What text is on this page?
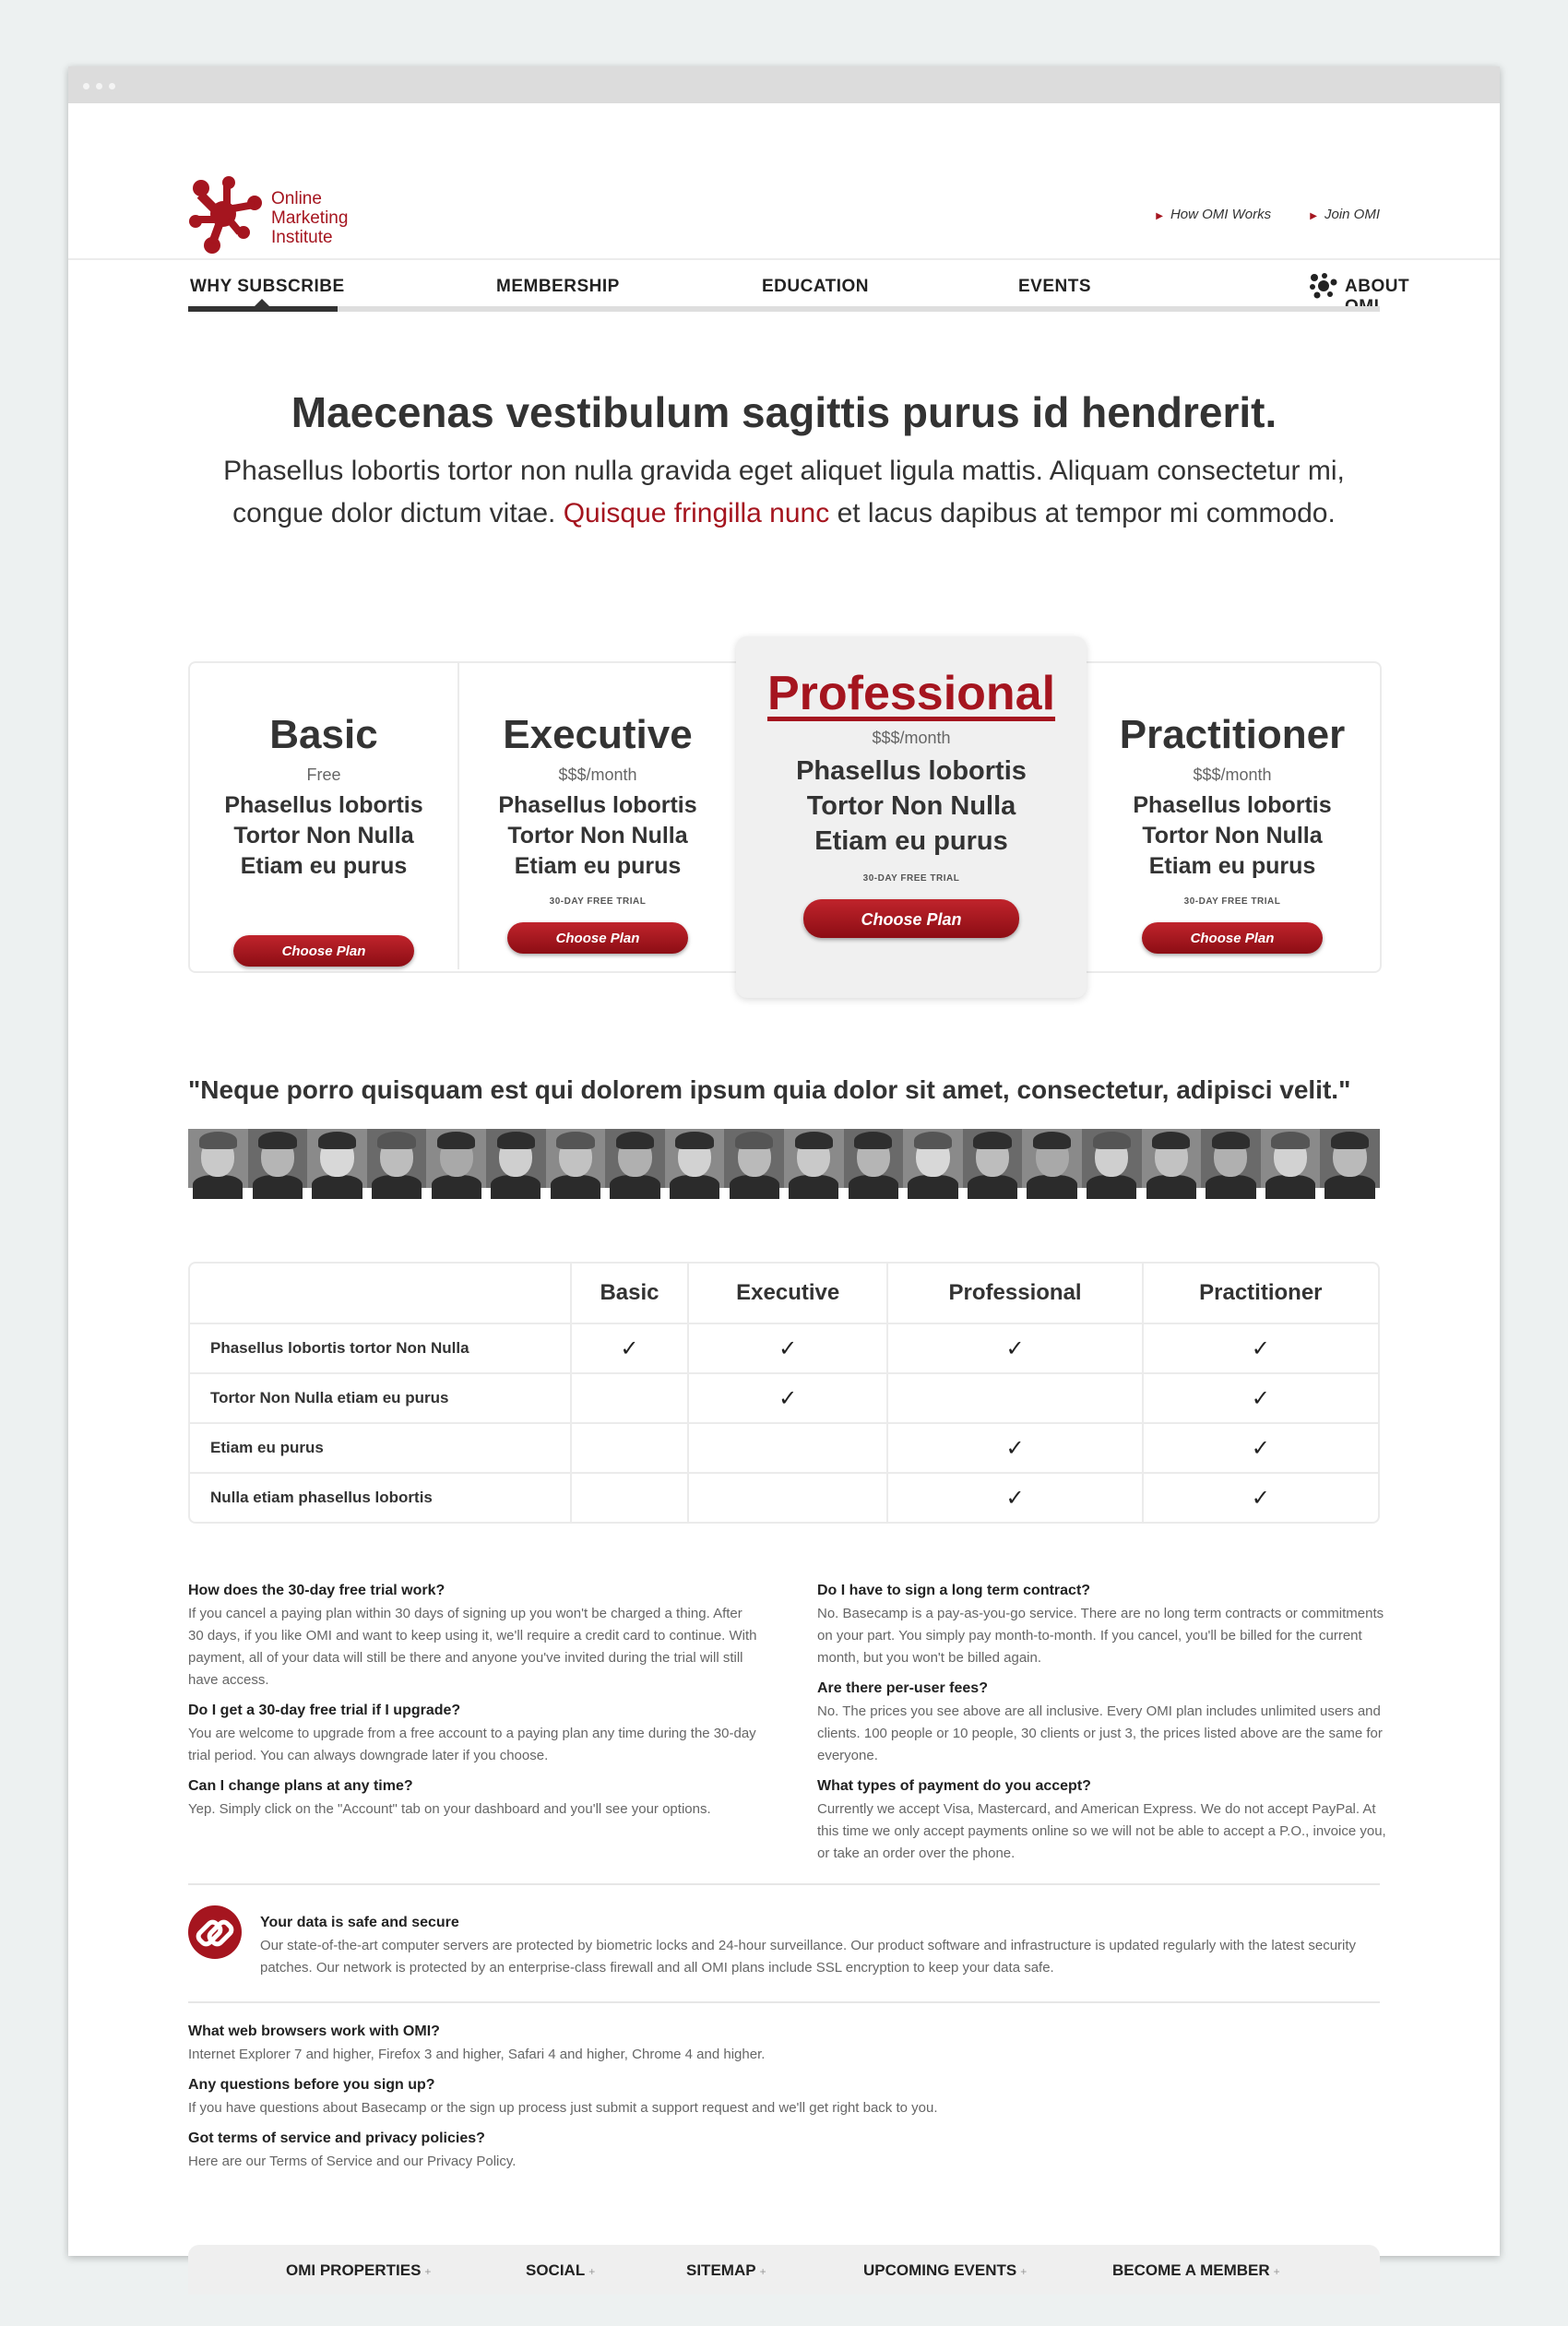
Online
Marketing
Institute
▶ How OMI Works	▶ Join OMI
WHY SUBSCRIBE	MEMBERSHIP	EDUCATION	EVENTS	ABOUT
Maecenas vestibulum sagittis purus id hendrerit.
Phasellus lobortis tortor non nulla gravida eget aliquet ligula mattis. Aliquam consectetur mi, congue dolor dictum vitae. Quisque fringilla nunc et lacus dapibus at tempor mi commodo.
Basic
Free
Phasellus lobortis
Tortor Non Nulla
Etiam eu purus
Choose Plan
Executive
$$$/month
Phasellus lobortis
Tortor Non Nulla
Etiam eu purus
30-DAY FREE TRIAL
Choose Plan
Professional
$$$/month
Phasellus lobortis
Tortor Non Nulla
Etiam eu purus
30-DAY FREE TRIAL
Choose Plan
Practitioner
$$$/month
Phasellus lobortis
Tortor Non Nulla
Etiam eu purus
30-DAY FREE TRIAL
Choose Plan
"Neque porro quisquam est qui dolorem ipsum quia dolor sit amet, consectetur, adipisci velit."
	Basic	Executive	Professional	Practitioner
Phasellus lobortis tortor Non Nulla	✓	✓	✓	✓
Tortor Non Nulla etiam eu purus		✓		✓
Etiam eu purus			✓	✓
Nulla etiam phasellus lobortis			✓	✓

How does the 30-day free trial work?

If you cancel a paying plan within 30 days of signing up you won't be charged a thing. After 30 days, if you like OMI and want to keep using it, we'll require a credit card to continue. With payment, all of your data will still be there and anyone you've invited during the trial will still have access.

Do I get a 30-day free trial if I upgrade?

You are welcome to upgrade from a free account to a paying plan any time during the 30-day trial period. You can always downgrade later if you choose.

Can I change plans at any time?

Yep. Simply click on the "Account" tab on your dashboard and you'll see your options.

Do I have to sign a long term contract?

No. Basecamp is a pay-as-you-go service. There are no long term contracts or commitments on your part. You simply pay month-to-month. If you cancel, you'll be billed for the current month, but you won't be billed again.

Are there per-user fees?

No. The prices you see above are all inclusive. Every OMI plan includes unlimited users and clients. 100 people or 10 people, 30 clients or just 3, the prices listed above are the same for everyone.

What types of payment do you accept?

Currently we accept Visa, Mastercard, and American Express. We do not accept PayPal. At this time we only accept payments online so we will not be able to accept a P.O., invoice you, or take an order over the phone.

Your data is safe and secure

Our state-of-the-art computer servers are protected by biometric locks and 24-hour surveillance. Our product software and infrastructure is updated regularly with the latest security patches. Our network is protected by an enterprise-class firewall and all OMI plans include SSL encryption to keep your data safe.

What web browsers work with OMI?

Internet Explorer 7 and higher, Firefox 3 and higher, Safari 4 and higher, Chrome 4 and higher.

Any questions before you sign up?

If you have questions about Basecamp or the sign up process just submit a support request and we'll get right back to you.

Got terms of service and privacy policies?

Here are our Terms of Service and our Privacy Policy.

OMI PROPERTIES +	SOCIAL +	SITEMAP +	UPCOMING EVENTS +	BECOME A MEMBER +
